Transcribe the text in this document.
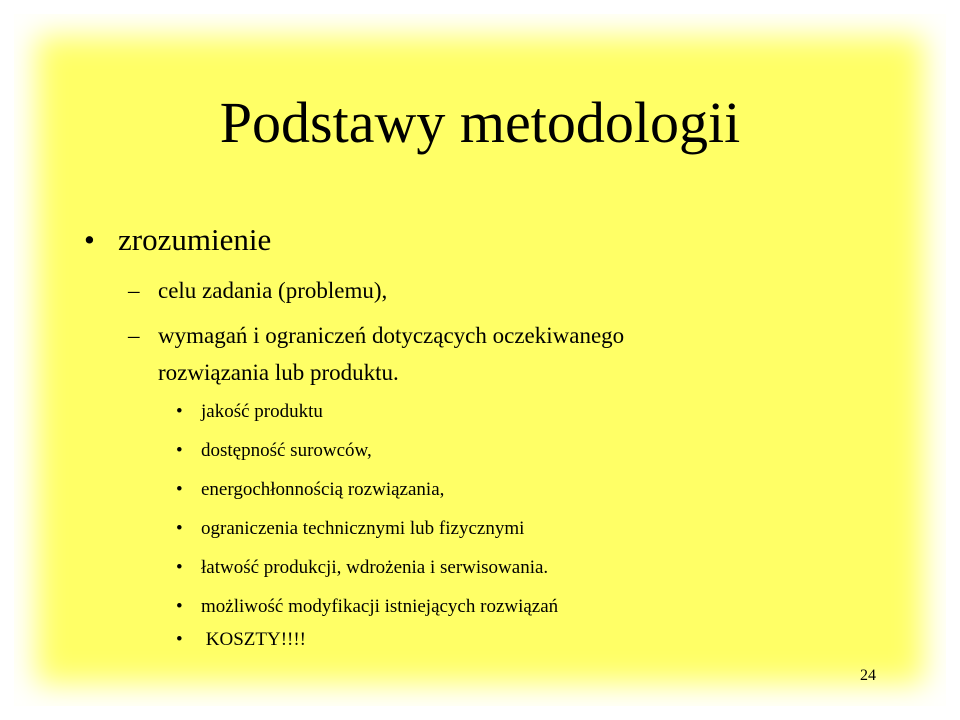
Podstawy metodologii
• zrozumienie
– celu zadania (problemu),
– wymagań i ograniczeń dotyczących oczekiwanego
rozwiązania lub produktu.
• jakość produktu
• dostępność surowców,
• energochłonnością rozwiązania,
• ograniczenia technicznymi lub fizycznymi
• łatwość produkcji, wdrożenia i serwisowania.
• możliwość modyfikacji istniejących rozwiązań
• KOSZTY!!!!
24
